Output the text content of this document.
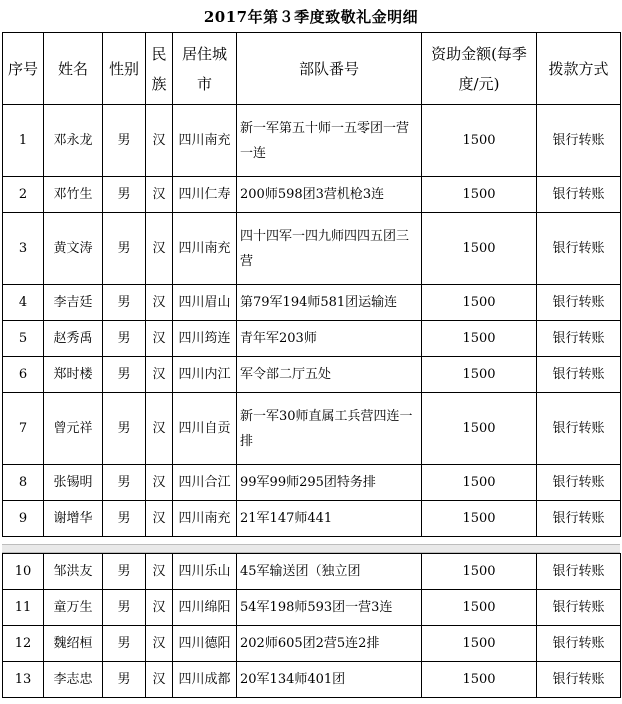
2017年第３季度致敬礼金明细
序号	姓名	性别	民族	居住城市	部队番号	资助金额(每季度/元)	拨款方式
1	邓永龙	男	汉	四川南充	新一军第五十师一五零团一营一连	1500	银行转账
2	邓竹生	男	汉	四川仁寿	200师598团3营机枪3连	1500	银行转账
3	黄文涛	男	汉	四川南充	四十四军一四九师四四五团三营	1500	银行转账
4	李吉廷	男	汉	四川眉山	第79军194师581团运输连	1500	银行转账
5	赵秀禹	男	汉	四川筠连	青年军203师	1500	银行转账
6	郑时楼	男	汉	四川内江	军令部二厅五处	1500	银行转账
7	曾元祥	男	汉	四川自贡	新一军30师直属工兵营四连一排	1500	银行转账
8	张锡明	男	汉	四川合江	99军99师295团特务排	1500	银行转账
9	谢增华	男	汉	四川南充	21军147师441	1500	银行转账
10	邹洪友	男	汉	四川乐山	45军输送团（独立团	1500	银行转账
11	童万生	男	汉	四川绵阳	54军198师593团一营3连	1500	银行转账
12	魏绍桓	男	汉	四川德阳	202师605团2营5连2排	1500	银行转账
13	李志忠	男	汉	四川成都	20军134师401团	1500	银行转账
